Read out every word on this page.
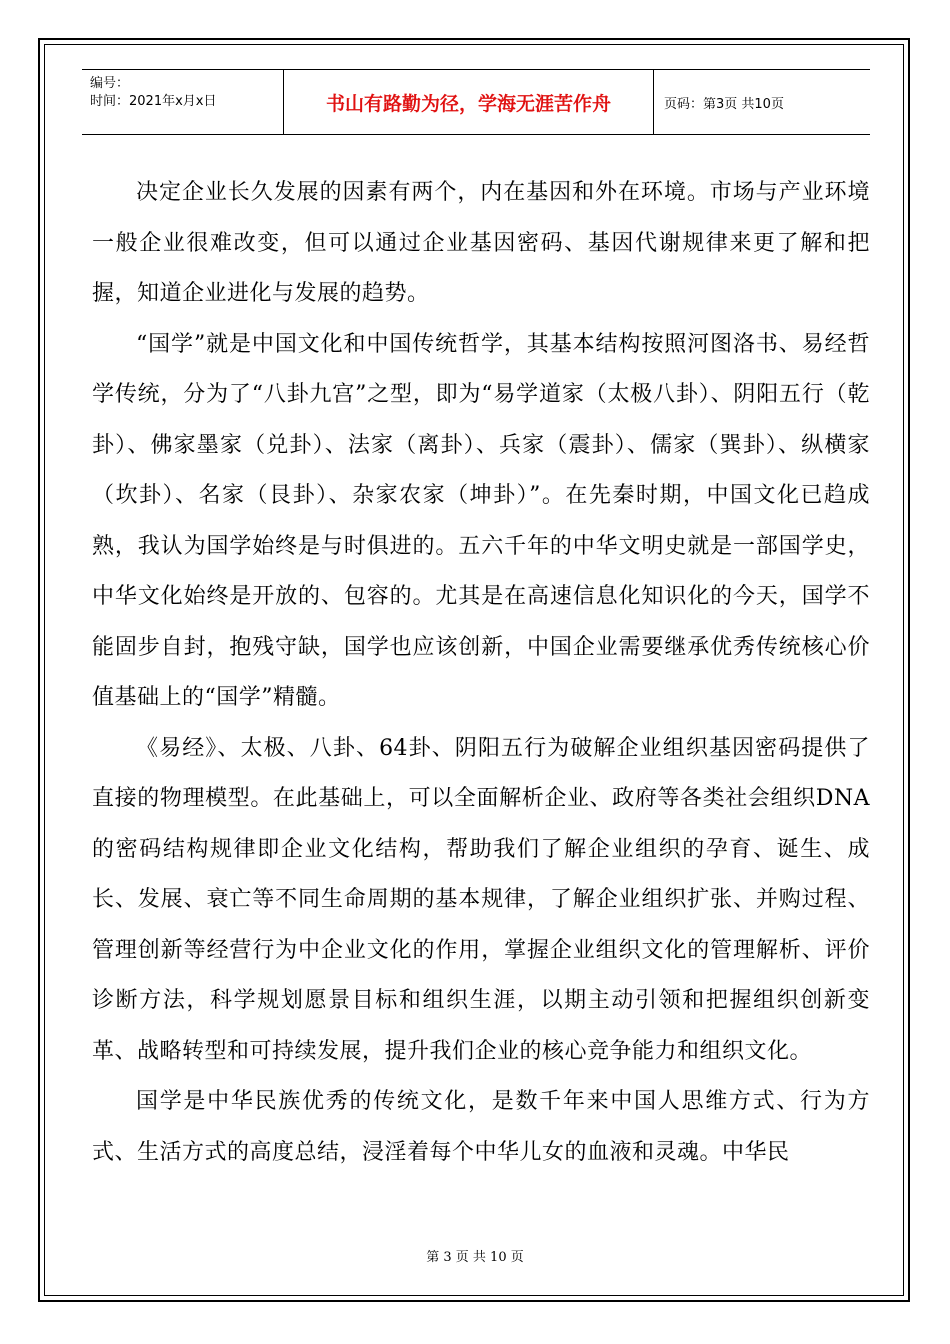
编号：
时间：2021年x月x日	书山有路勤为径，学海无涯苦作舟	页码：第3页 共10页

决定企业长久发展的因素有两个，内在基因和外在环境。市场与产业环境一般企业很难改变，但可以通过企业基因密码、基因代谢规律来更了解和把握，知道企业进化与发展的趋势。

“国学”就是中国文化和中国传统哲学，其基本结构按照河图洛书、易经哲学传统，分为了“八卦九宫”之型，即为“易学道家（太极八卦）、阴阳五行（乾卦）、佛家墨家（兑卦）、法家（离卦）、兵家（震卦）、儒家（巽卦）、纵横家（坎卦）、名家（艮卦）、杂家农家（坤卦）”。在先秦时期，中国文化已趋成熟，我认为国学始终是与时俱进的。五六千年的中华文明史就是一部国学史，中华文化始终是开放的、包容的。尤其是在高速信息化知识化的今天，国学不能固步自封，抱残守缺，国学也应该创新，中国企业需要继承优秀传统核心价值基础上的“国学”精髓。

《易经》、太极、八卦、64卦、阴阳五行为破解企业组织基因密码提供了直接的物理模型。在此基础上，可以全面解析企业、政府等各类社会组织DNA的密码结构规律即企业文化结构，帮助我们了解企业组织的孕育、诞生、成长、发展、衰亡等不同生命周期的基本规律，了解企业组织扩张、并购过程、管理创新等经营行为中企业文化的作用，掌握企业组织文化的管理解析、评价诊断方法，科学规划愿景目标和组织生涯，以期主动引领和把握组织创新变革、战略转型和可持续发展，提升我们企业的核心竞争能力和组织文化。

国学是中华民族优秀的传统文化，是数千年来中国人思维方式、行为方式、生活方式的高度总结，浸淫着每个中华儿女的血液和灵魂。中华民

第 3 页 共 10 页
